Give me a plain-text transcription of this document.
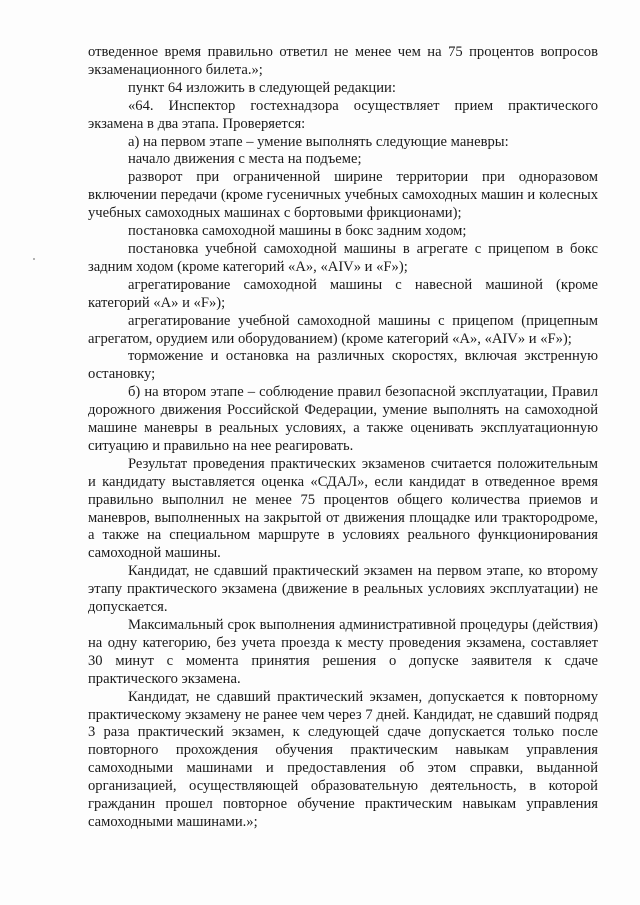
отведенное время правильно ответил не менее чем на 75 процентов вопросов экзаменационного билета.»;

пункт 64 изложить в следующей редакции:

«64. Инспектор гостехнадзора осуществляет прием практического экзамена в два этапа. Проверяется:

а) на первом этапе – умение выполнять следующие маневры:

начало движения с места на подъеме;

разворот при ограниченной ширине территории при одноразовом включении передачи (кроме гусеничных учебных самоходных машин и колесных учебных самоходных машинах с бортовыми фрикционами);

постановка самоходной машины в бокс задним ходом;

постановка учебной самоходной машины в агрегате с прицепом в бокс задним ходом (кроме категорий «А», «AIV» и «F»);

агрегатирование самоходной машины с навесной машиной (кроме категорий «А» и «F»);

агрегатирование учебной самоходной машины с прицепом (прицепным агрегатом, орудием или оборудованием) (кроме категорий «А», «AIV» и «F»);

торможение и остановка на различных скоростях, включая экстренную остановку;

б) на втором этапе – соблюдение правил безопасной эксплуатации, Правил дорожного движения Российской Федерации, умение выполнять на самоходной машине маневры в реальных условиях, а также оценивать эксплуатационную ситуацию и правильно на нее реагировать.

Результат проведения практических экзаменов считается положительным и кандидату выставляется оценка «СДАЛ», если кандидат в отведенное время правильно выполнил не менее 75 процентов общего количества приемов и маневров, выполненных на закрытой от движения площадке или трактородроме, а также на специальном маршруте в условиях реального функционирования самоходной машины.

Кандидат, не сдавший практический экзамен на первом этапе, ко второму этапу практического экзамена (движение в реальных условиях эксплуатации) не допускается.

Максимальный срок выполнения административной процедуры (действия) на одну категорию, без учета проезда к месту проведения экзамена, составляет 30 минут с момента принятия решения о допуске заявителя к сдаче практического экзамена.

Кандидат, не сдавший практический экзамен, допускается к повторному практическому экзамену не ранее чем через 7 дней. Кандидат, не сдавший подряд 3 раза практический экзамен, к следующей сдаче допускается только после повторного прохождения обучения практическим навыкам управления самоходными машинами и предоставления об этом справки, выданной организацией, осуществляющей образовательную деятельность, в которой гражданин прошел повторное обучение практическим навыкам управления самоходными машинами.»;
